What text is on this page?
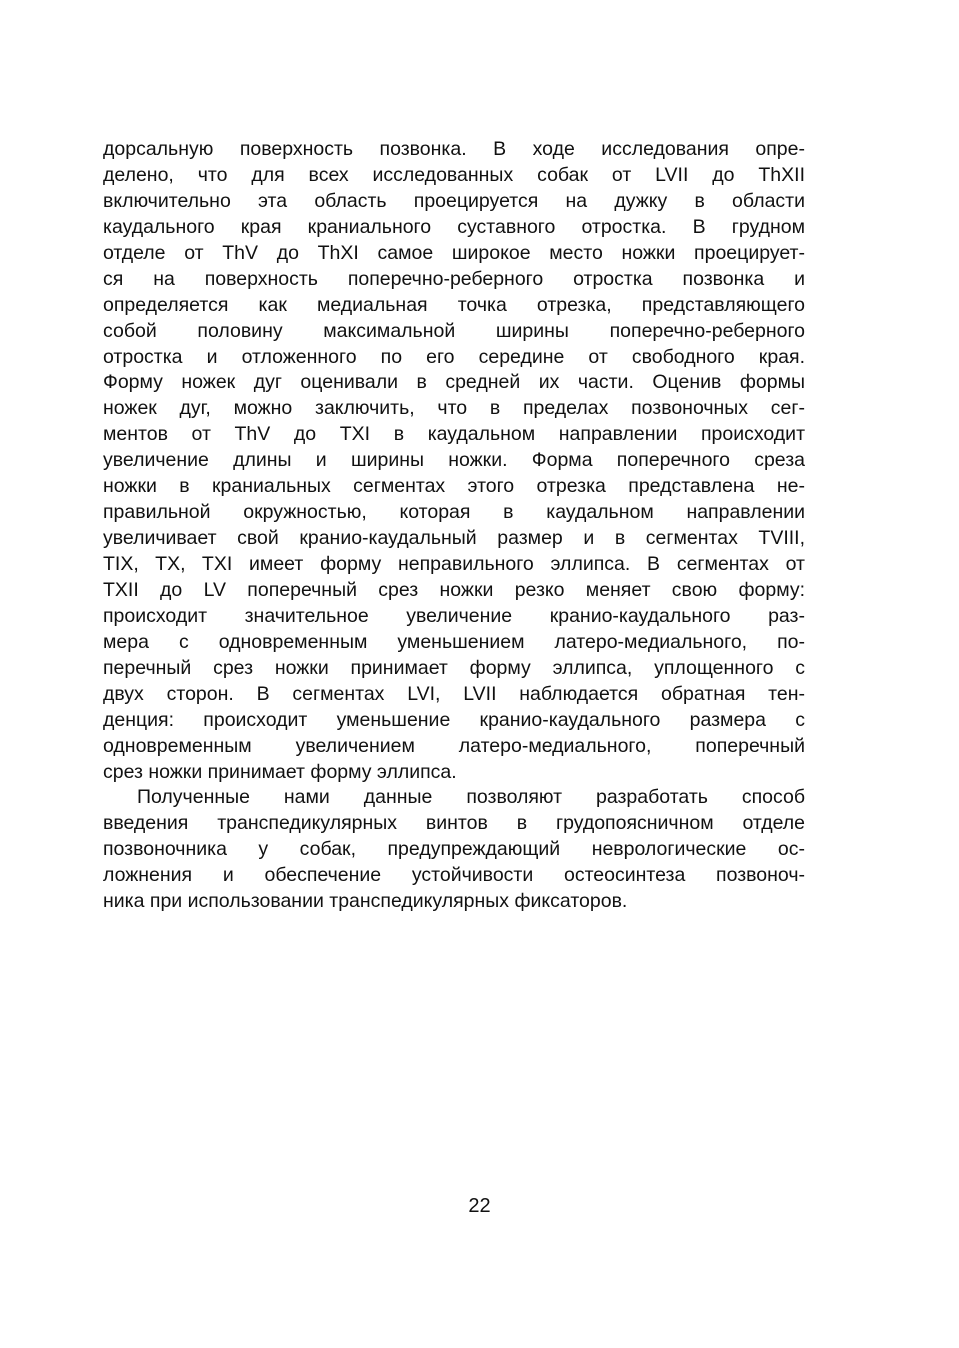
дорсальную поверхность позвонка. В ходе исследования опре-
делено, что для всех исследованных собак от LVII до ThXII
включительно эта область проецируется на дужку в области
каудального края краниального суставного отростка. В грудном
отделе от ThV до ThXI самое широкое место ножки проецирует-
ся на поверхность поперечно-реберного отростка позвонка и
определяется как медиальная точка отрезка, представляющего
собой половину максимальной ширины поперечно-реберного
отростка и отложенного по его середине от свободного края.
Форму ножек дуг оценивали в средней их части. Оценив формы
ножек дуг, можно заключить, что в пределах позвоночных сег-
ментов от ThV до TXI в каудальном направлении происходит
увеличение длины и ширины ножки. Форма поперечного среза
ножки в краниальных сегментах этого отрезка представлена не-
правильной окружностью, которая в каудальном направлении
увеличивает свой кранио-каудальный размер и в сегментах TVIII,
TIX, TX, TXI имеет форму неправильного эллипса. В сегментах от
TXII до LV поперечный срез ножки резко меняет свою форму:
происходит значительное увеличение кранио-каудального раз-
мера с одновременным уменьшением латеро-медиального, по-
перечный срез ножки принимает форму эллипса, уплощенного с
двух сторон. В сегментах LVI, LVII наблюдается обратная тен-
денция: происходит уменьшение кранио-каудального размера с
одновременным увеличением латеро-медиального, поперечный
срез ножки принимает форму эллипса.
Полученные нами данные позволяют разработать способ
введения транспедикулярных винтов в грудопоясничном отделе
позвоночника у собак, предупреждающий неврологические ос-
ложнения и обеспечение устойчивости остеосинтеза позвоноч-
ника при использовании транспедикулярных фиксаторов.
22
